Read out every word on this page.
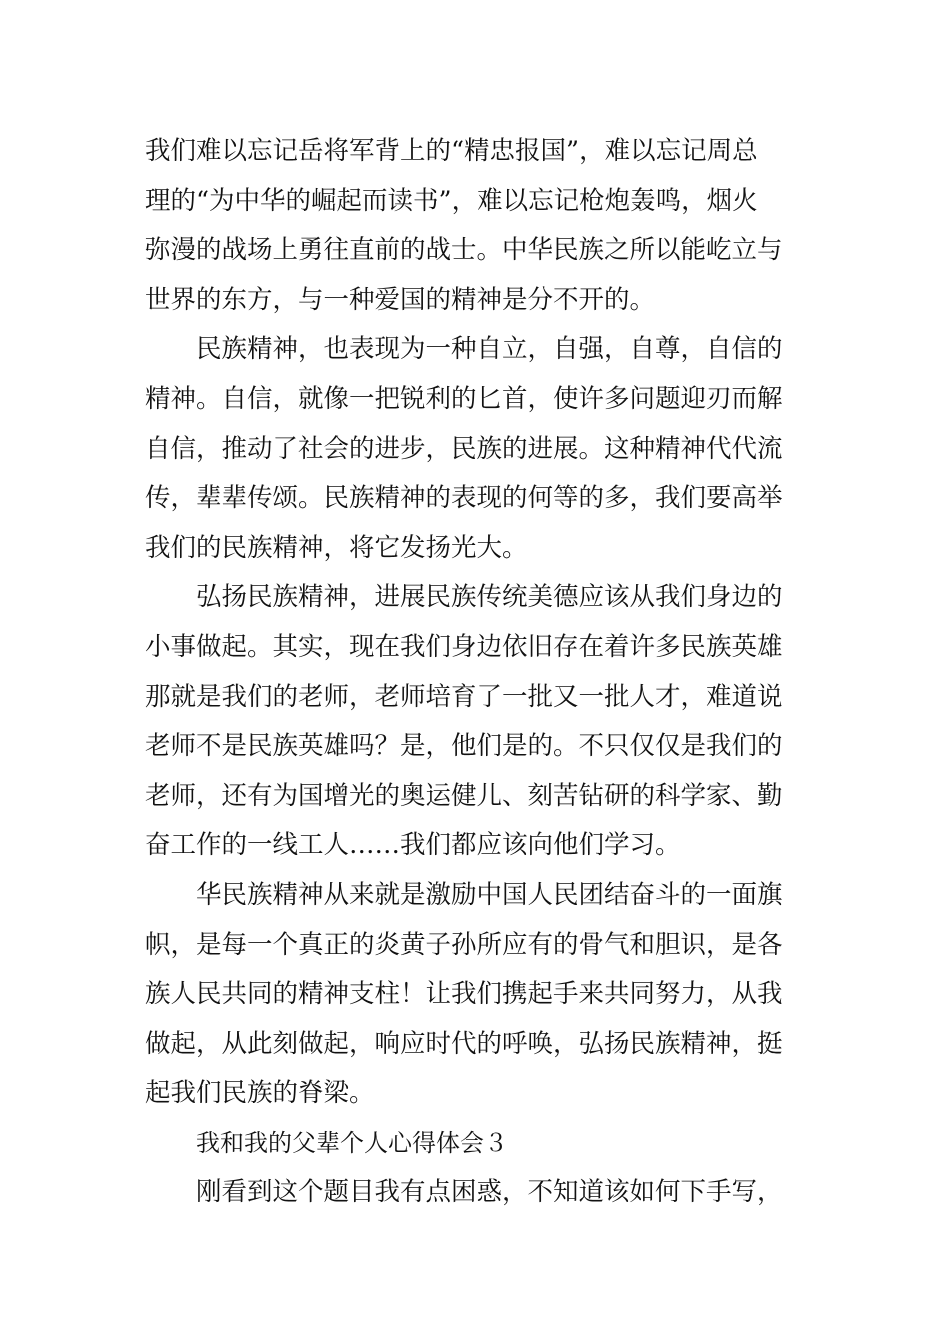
我们难以忘记岳将军背上的“精忠报国”，难以忘记周总
理的“为中华的崛起而读书”，难以忘记枪炮轰鸣，烟火
弥漫的战场上勇往直前的战士。中华民族之所以能屹立与
世界的东方，与一种爱国的精神是分不开的。
民族精神，也表现为一种自立，自强，自尊，自信的
精神。自信，就像一把锐利的匕首，使许多问题迎刃而解
自信，推动了社会的进步，民族的进展。这种精神代代流
传，辈辈传颂。民族精神的表现的何等的多，我们要高举
我们的民族精神，将它发扬光大。
弘扬民族精神，进展民族传统美德应该从我们身边的
小事做起。其实，现在我们身边依旧存在着许多民族英雄
那就是我们的老师，老师培育了一批又一批人才，难道说
老师不是民族英雄吗？是，他们是的。不只仅仅是我们的
老师，还有为国增光的奥运健儿、刻苦钻研的科学家、勤
奋工作的一线工人……我们都应该向他们学习。
华民族精神从来就是激励中国人民团结奋斗的一面旗
帜，是每一个真正的炎黄子孙所应有的骨气和胆识，是各
族人民共同的精神支柱！让我们携起手来共同努力，从我
做起，从此刻做起，响应时代的呼唤，弘扬民族精神，挺
起我们民族的脊梁。
我和我的父辈个人心得体会３
刚看到这个题目我有点困惑，不知道该如何下手写，
